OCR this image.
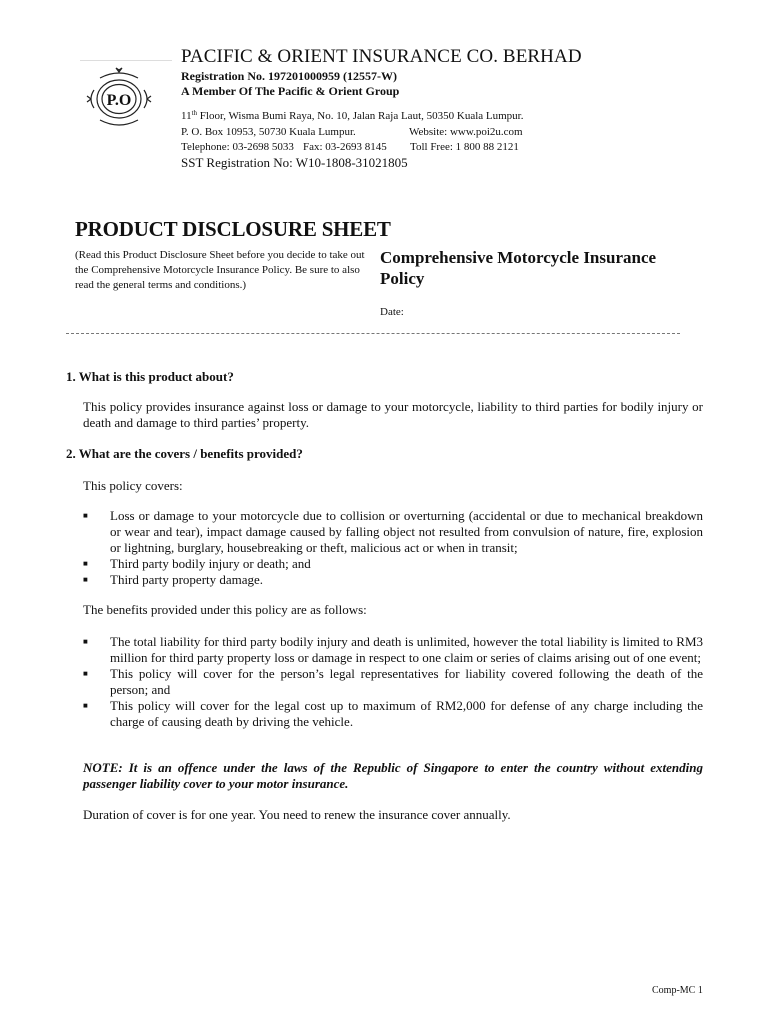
P.O
PACIFIC & ORIENT INSURANCE CO. BERHAD
Registration No. 197201000959 (12557-W)
A Member Of The Pacific & Orient Group
11th Floor, Wisma Bumi Raya, No. 10, Jalan Raja Laut, 50350 Kuala Lumpur.
P. O. Box 10953, 50730 Kuala Lumpur.	Website: www.poi2u.com
Telephone: 03-2698 5033 Fax: 03-2693 8145 Toll Free: 1 800 88 2121
SST Registration No: W10-1808-31021805
PRODUCT DISCLOSURE SHEET
(Read this Product Disclosure Sheet before you decide to take out the Comprehensive Motorcycle Insurance Policy. Be sure to also read the general terms and conditions.)
Comprehensive Motorcycle Insurance Policy
Date:
1. What is this product about?
This policy provides insurance against loss or damage to your motorcycle, liability to third parties for bodily injury or death and damage to third parties’ property.
2. What are the covers / benefits provided?
This policy covers:
■ Loss or damage to your motorcycle due to collision or overturning (accidental or due to mechanical breakdown or wear and tear), impact damage caused by falling object not resulted from convulsion of nature, fire, explosion or lightning, burglary, housebreaking or theft, malicious act or when in transit;
■ Third party bodily injury or death; and
■ Third party property damage.
The benefits provided under this policy are as follows:
■ The total liability for third party bodily injury and death is unlimited, however the total liability is limited to RM3 million for third party property loss or damage in respect to one claim or series of claims arising out of one event;
■ This policy will cover for the person’s legal representatives for liability covered following the death of the person; and
■ This policy will cover for the legal cost up to maximum of RM2,000 for defense of any charge including the charge of causing death by driving the vehicle.
NOTE: It is an offence under the laws of the Republic of Singapore to enter the country without extending passenger liability cover to your motor insurance.
Duration of cover is for one year. You need to renew the insurance cover annually.
Comp-MC 1
